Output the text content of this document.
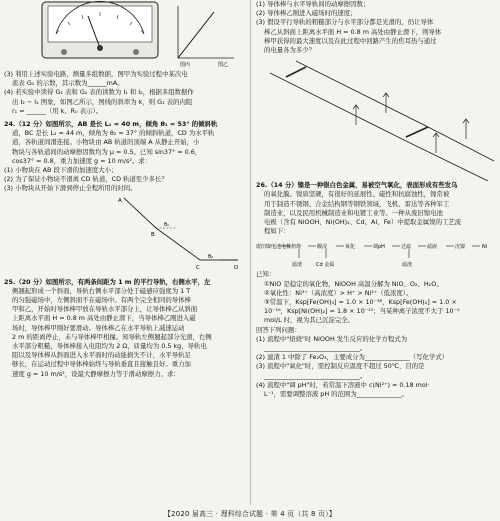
图丙	图乙

(3) 利用上述实验电路，测量多组数据，图甲为实验过程中某次电

流表 G₁ 的示数，其示数为______mA。

(4) 若实验中读得 G₁ 表和 G₂ 表的读数为 I₁ 和 I₂，根据多组数据作

出 I₂ − I₁ 图象，如图乙所示，图线的斜率为 k，则 G₁ 表的内阻

r₁ = ______（用 k、R₀ 表示）。

24.（12 分）如图所示，AB 是长 L₁ = 40 m，倾角 θ₁ = 53° 的倾斜轨

道，BC 是长 L₂ = 44 m，倾角为 θ₂ = 37° 的倾斜轨道，CD 为水平轨

道，各轨道间滑连接。小物块由 AB 轨道的顶端 A 从静止开始，小

物块与各轨道间的动摩擦因数均为 μ = 0.5。已知 sin37° = 0.6，

cos37° = 0.8，重力加速度 g = 10 m/s²。求：

(1) 小物块在 AB 段下滑的加速度大小；

(2) 为了保证小物块不滑离 CD 轨道，CD 轨道至少多长？

(3) 小物块从开始下滑到停止全程所用的时间。

A
B
C	D
θ₁
θ₂

25.（20 分）如图所示，有两条间距为 1 m 的平行导轨，右侧水平，左

侧翘起形成一个斜面，导轨右侧水平部分处于磁感应强度为 1 T

的匀强磁场中，左侧斜面不在磁场中。有两个完全相同的导体棒

甲和乙，开始时导体棒甲放在导轨水平部分上，让导体棒乙从斜面

上距离水平面 H = 0.8 m 高处由静止滑下，当导体棒乙刚进入磁

场时，导体棒甲刚好要滑动。导体棒乙在水平导轨上减速运动

2 m 的距离停止，未与导体棒甲相撞。知导轨左侧翘起部分光滑，右侧

水平部分粗糙，导体棒接入电阻均为 2 Ω，质量均为 0.5 kg，导轨电

阻以及导体棒从斜面进入水平面时的动能损失不计，水平导轨足

够长，在运动过程中导体棒始终与导轨垂直且接触良好。重力加

速度 g = 10 m/s²，设最大静摩擦力等于滑动摩擦力。求：

(1) 导体棒与水平导轨间的动摩擦因数；

(2) 导体棒乙刚进入磁场时的速度；

(3) 假设平行导轨的粗糙部分与水平部分都是光滑的，仍让导体

棒乙从斜面上距离水平面 H = 0.8 m 高处由静止滑下，则导体

棒甲获得的最大速度以及在此过程中回路产生的焦耳热与通过

的电量各为多少？

26.（14 分）镍是一种银白色金属，易被空气氧化，表面形成有些发乌

的氧化膜。镍质坚硬，有很好的延展性、磁性和抗腐蚀性，镍常被

用于制造不锈钢、合金结构钢等钢铁领域，飞机、雷达等各种军工

制造业，以及民用机械制造业和电镀工业等。一种从废旧镍电池

电极（含有 NiOOH、Ni(OH)₂、Cd、Al、Fe）中提取金属镍的工艺流

程如下：

废旧镍电池电极 焙烧	酸浸	氧化	调pH	过滤	滤液	沉镍	Ni
滤渣	Cd 金属	滤渣

已知：

①NiO 是稳定的氧化物，NiOOH 高温分解为 NiO、O₂、H₂O。

②氧化性：Ni³⁺（高浓度）> H⁺ > Ni²⁺（低浓度）。

③常温下，Ksp[Fe(OH)₃] = 1.0 × 10⁻³⁸，Ksp[Fe(OH)₂] = 1.0 ×

10⁻¹⁶，Ksp[Ni(OH)₂] = 1.8 × 10⁻¹⁵；当某种离子浓度不大于 10⁻⁵

mol/L 时，视为其已沉淀完全。

回答下列问题：

(1) 流程中"焙烧"时 NiOOH 发生反应的化学方程式为

______________________________。

(2) 滤渣 1 中除了 Fe₂O₃，主要成分为______________（写化学式）

(3) 流程中"氧化"时，需控制反应温度不超过 50℃，目的是

______________________________。

(4) 流程中"调 pH"时，若常温下溶液中 c(Ni²⁺) = 0.18 mol·

L⁻¹，需要调整溶液 pH 的范围为______________。

【2020 届高三 · 理科综合试题 · 第 4 页（共 8 页）】
